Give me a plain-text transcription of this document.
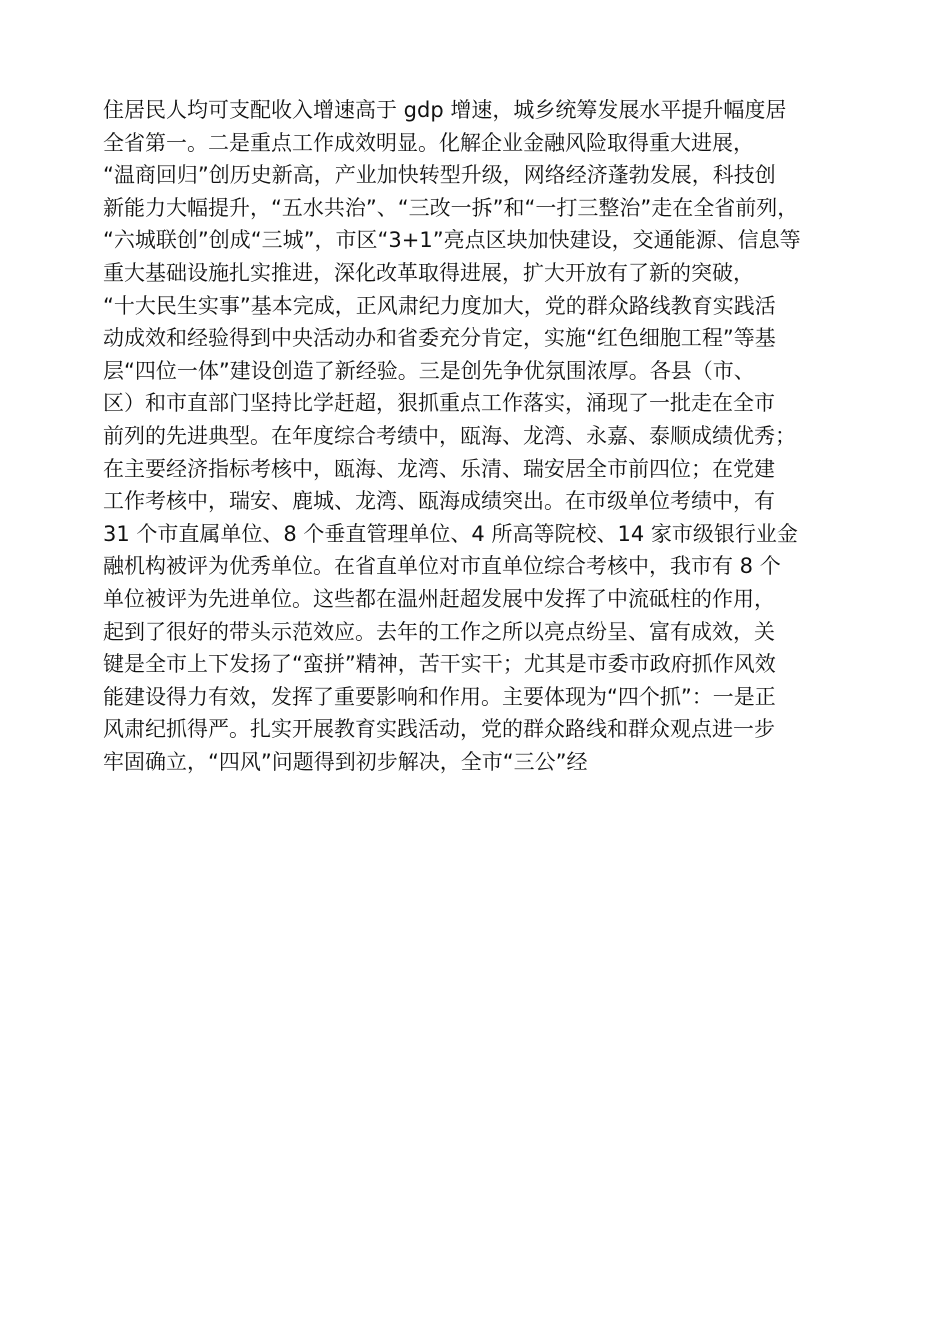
住居民人均可支配收入增速高于 gdp 增速，城乡统筹发展水平提升幅度居
全省第一。二是重点工作成效明显。化解企业金融风险取得重大进展，
“温商回归”创历史新高，产业加快转型升级，网络经济蓬勃发展，科技创
新能力大幅提升，“五水共治”、“三改一拆”和“一打三整治”走在全省前列，
“六城联创”创成“三城”，市区“3+1”亮点区块加快建设，交通能源、信息等
重大基础设施扎实推进，深化改革取得进展，扩大开放有了新的突破，
“十大民生实事”基本完成，正风肃纪力度加大，党的群众路线教育实践活
动成效和经验得到中央活动办和省委充分肯定，实施“红色细胞工程”等基
层“四位一体”建设创造了新经验。三是创先争优氛围浓厚。各县（市、
区）和市直部门坚持比学赶超，狠抓重点工作落实，涌现了一批走在全市
前列的先进典型。在年度综合考绩中，瓯海、龙湾、永嘉、泰顺成绩优秀；
在主要经济指标考核中，瓯海、龙湾、乐清、瑞安居全市前四位；在党建
工作考核中，瑞安、鹿城、龙湾、瓯海成绩突出。在市级单位考绩中，有
31 个市直属单位、8 个垂直管理单位、4 所高等院校、14 家市级银行业金
融机构被评为优秀单位。在省直单位对市直单位综合考核中，我市有 8 个
单位被评为先进单位。这些都在温州赶超发展中发挥了中流砥柱的作用，
起到了很好的带头示范效应。去年的工作之所以亮点纷呈、富有成效，关
键是全市上下发扬了“蛮拼”精神，苦干实干；尤其是市委市政府抓作风效
能建设得力有效，发挥了重要影响和作用。主要体现为“四个抓”：一是正
风肃纪抓得严。扎实开展教育实践活动，党的群众路线和群众观点进一步
牢固确立，“四风”问题得到初步解决，全市“三公”经
